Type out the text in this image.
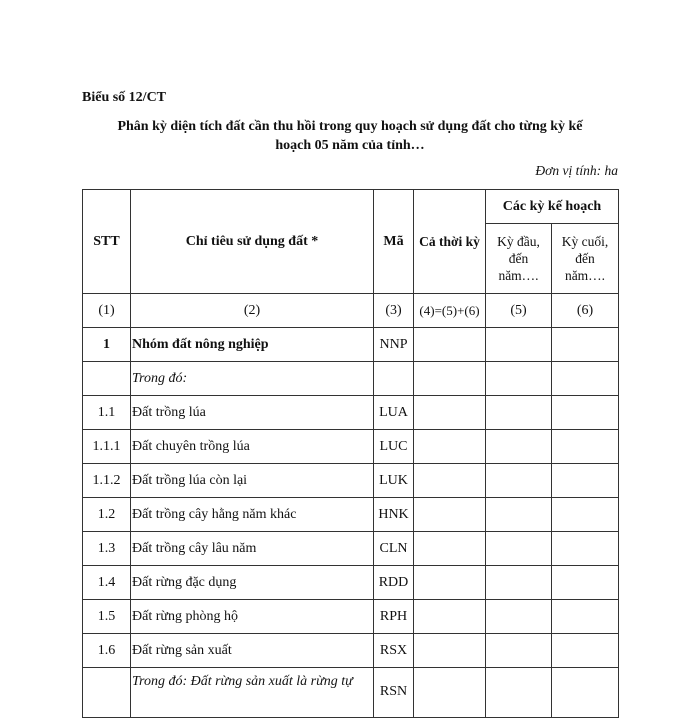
Biểu số 12/CT
Phân kỳ diện tích đất cần thu hồi trong quy hoạch sử dụng đất cho từng kỳ kế
hoạch 05 năm của tỉnh…
Đơn vị tính: ha
STT	Chỉ tiêu sử dụng đất *	Mã	Cả thời kỳ	Các kỳ kế hoạch	
				Kỳ đầu, đến năm….	Kỳ cuối, đến năm….
(1)	(2)	(3)	(4)=(5)+(6)	(5)	(6)
1	Nhóm đất nông nghiệp	NNP			
	Trong đó:				
1.1	Đất trồng lúa	LUA			
1.1.1	Đất chuyên trồng lúa	LUC			
1.1.2	Đất trồng lúa còn lại	LUK			
1.2	Đất trồng cây hằng năm khác	HNK			
1.3	Đất trồng cây lâu năm	CLN			
1.4	Đất rừng đặc dụng	RDD			
1.5	Đất rừng phòng hộ	RPH			
1.6	Đất rừng sản xuất	RSX			
	Trong đó: Đất rừng sản xuất là rừng tự	RSN			
